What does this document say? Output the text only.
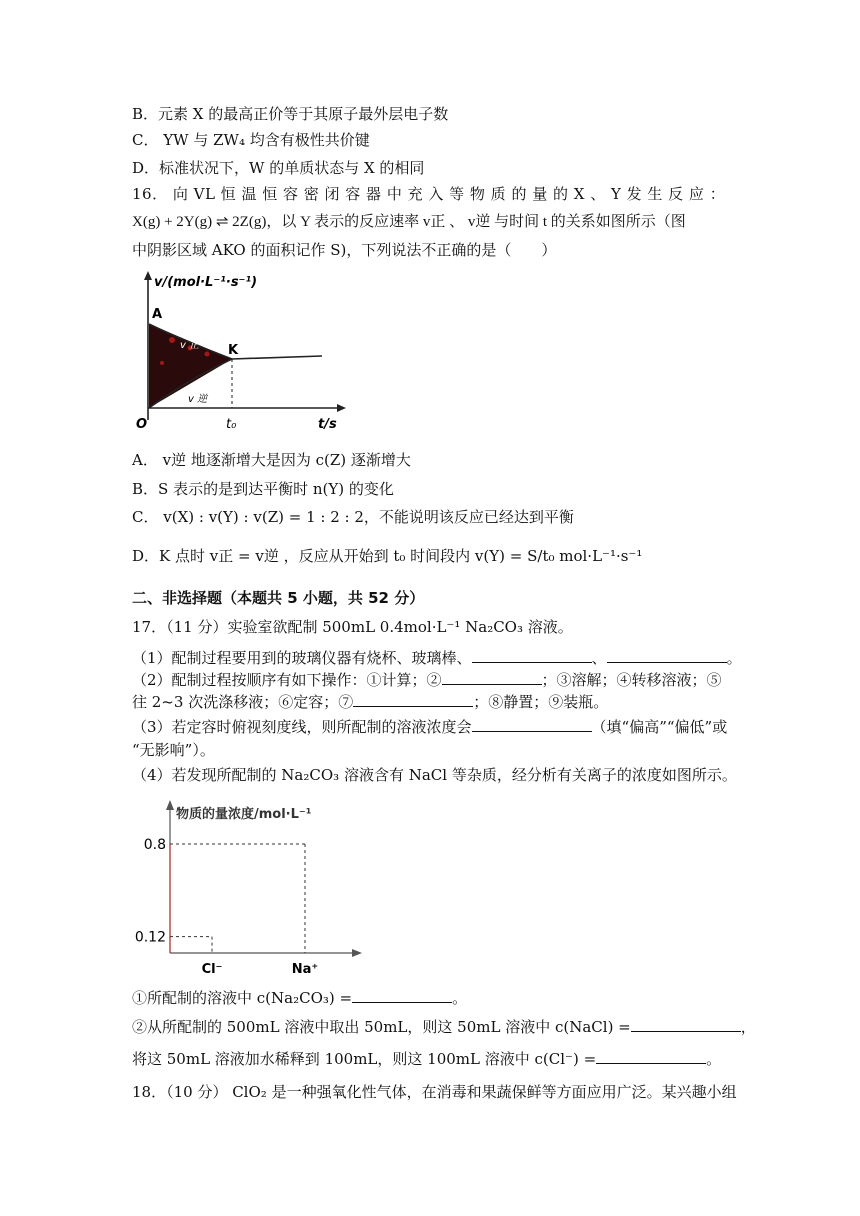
B．元素 X 的最高正价等于其原子最外层电子数
C． YW 与 ZW₄ 均含有极性共价键
D．标准状况下，W 的单质状态与 X 的相同
16． 向 VL 恒 温 恒 容 密 闭 容 器 中 充 入 等 物 质 的 量 的 X 、 Y 发 生 反 应 ：
X(g) + 2Y(g) ⇌ 2Z(g)，以 Y 表示的反应速率 v正 、 v逆 与时间 t 的关系如图所示（图
中阴影区域 AKO 的面积记作 S)，下列说法不正确的是（　　）
v/(mol·L⁻¹·s⁻¹)
A
K
v 正
v 逆
O	t₀	t/s
A． v逆 地逐渐增大是因为 c(Z) 逐渐增大
B．S 表示的是到达平衡时 n(Y) 的变化
C． v(X) : v(Y) : v(Z) = 1 : 2 : 2，不能说明该反应已经达到平衡
D．K 点时 v正 = v逆 ，反应从开始到 t₀ 时间段内 v(Y) = S/t₀ mol·L⁻¹·s⁻¹
二、非选择题（本题共 5 小题，共 52 分）
17．（11 分）实验室欲配制 500mL 0.4mol·L⁻¹ Na₂CO₃ 溶液。
（1）配制过程要用到的玻璃仪器有烧杯、玻璃棒、	、	。
（2）配制过程按顺序有如下操作：①计算；②	；③溶解；④转移溶液；⑤
往 2~3 次洗涤移液；⑥定容；⑦	；⑧静置；⑨装瓶。
（3）若定容时俯视刻度线，则所配制的溶液浓度会	（填“偏高”“偏低”或
“无影响”）。
（4）若发现所配制的 Na₂CO₃ 溶液含有 NaCl 等杂质，经分析有关离子的浓度如图所示。
物质的量浓度/mol·L⁻¹
0.12
Cl⁻
0.8
Na⁺
①所配制的溶液中 c(Na₂CO₃) =	。
②从所配制的 500mL 溶液中取出 50mL，则这 50mL 溶液中 c(NaCl) =	，
将这 50mL 溶液加水稀释到 100mL，则这 100mL 溶液中 c(Cl⁻) =	。
18．（10 分） ClO₂ 是一种强氧化性气体，在消毒和果蔬保鲜等方面应用广泛。某兴趣小组
